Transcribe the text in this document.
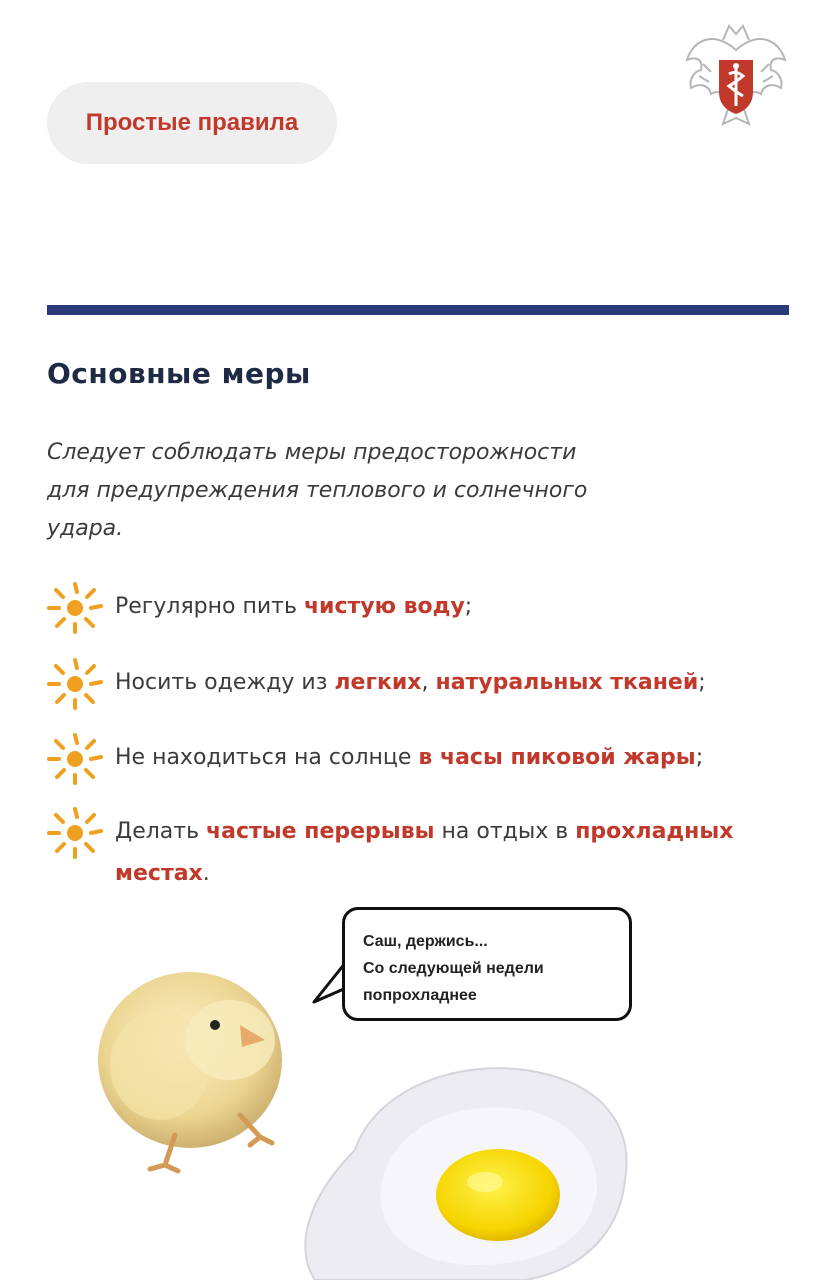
Простые правила
Основные меры

Следует соблюдать меры предосторожности
для предупреждения теплового и солнечного
удара.

Регулярно пить чистую воду;
Носить одежду из легких, натуральных тканей;
Не находиться на солнце в часы пиковой жары;
Делать частые перерывы на отдых в прохладных
местах.
Саш, держись...
Со следующей недели
попрохладнее
